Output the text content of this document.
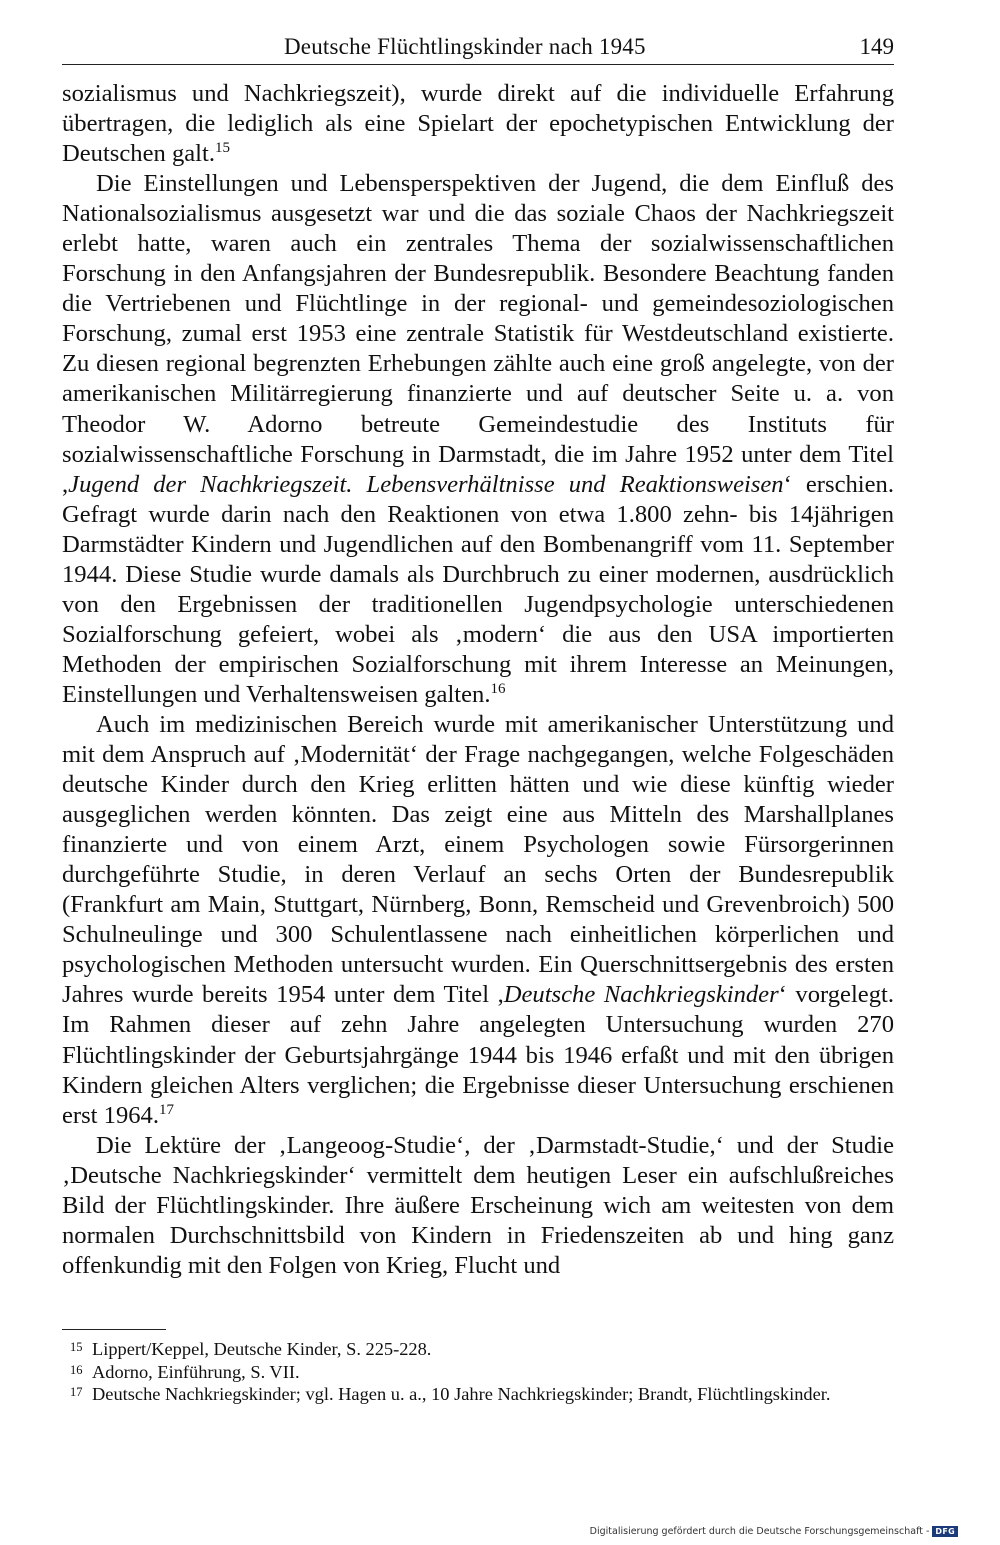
Deutsche Flüchtlingskinder nach 1945	149

sozialismus und Nachkriegszeit), wurde direkt auf die individuelle Erfahrung übertragen, die lediglich als eine Spielart der epochetypischen Entwicklung der Deutschen galt.$^{15}$

Die Einstellungen und Lebensperspektiven der Jugend, die dem Einfluß des Nationalsozialismus ausgesetzt war und die das soziale Chaos der Nachkriegszeit erlebt hatte, waren auch ein zentrales Thema der sozialwissenschaftlichen Forschung in den Anfangsjahren der Bundesrepublik. Besondere Beachtung fanden die Vertriebenen und Flüchtlinge in der regional- und gemeindesoziologischen Forschung, zumal erst 1953 eine zentrale Statistik für Westdeutschland existierte. Zu diesen regional begrenzten Erhebungen zählte auch eine groß angelegte, von der amerikanischen Militärregierung finanzierte und auf deutscher Seite u. a. von Theodor W. Adorno betreute Gemeindestudie des Instituts für sozialwissenschaftliche Forschung in Darmstadt, die im Jahre 1952 unter dem Titel ,Jugend der Nachkriegszeit. Lebensverhältnisse und Reaktionsweisen‘ erschien. Gefragt wurde darin nach den Reaktionen von etwa 1.800 zehn- bis 14jährigen Darmstädter Kindern und Jugendlichen auf den Bombenangriff vom 11. September 1944. Diese Studie wurde damals als Durchbruch zu einer modernen, ausdrücklich von den Ergebnissen der traditionellen Jugendpsychologie unterschiedenen Sozialforschung gefeiert, wobei als ‚modern‘ die aus den USA importierten Methoden der empirischen Sozialforschung mit ihrem Interesse an Meinungen, Einstellungen und Verhaltensweisen galten.$^{16}$

Auch im medizinischen Bereich wurde mit amerikanischer Unterstützung und mit dem Anspruch auf ‚Modernität‘ der Frage nachgegangen, welche Folgeschäden deutsche Kinder durch den Krieg erlitten hätten und wie diese künftig wieder ausgeglichen werden könnten. Das zeigt eine aus Mitteln des Marshallplanes finanzierte und von einem Arzt, einem Psychologen sowie Fürsorgerinnen durchgeführte Studie, in deren Verlauf an sechs Orten der Bundesrepublik (Frankfurt am Main, Stuttgart, Nürnberg, Bonn, Remscheid und Grevenbroich) 500 Schulneulinge und 300 Schulentlassene nach einheitlichen körperlichen und psychologischen Methoden untersucht wurden. Ein Querschnittsergebnis des ersten Jahres wurde bereits 1954 unter dem Titel ,Deutsche Nachkriegskinder‘ vorgelegt. Im Rahmen dieser auf zehn Jahre angelegten Untersuchung wurden 270 Flüchtlingskinder der Geburtsjahrgänge 1944 bis 1946 erfaßt und mit den übrigen Kindern gleichen Alters verglichen; die Ergebnisse dieser Untersuchung erschienen erst 1964.17

Die Lektüre der ‚Langeoog-Studie‘, der ‚Darmstadt-Studie,‘ und der Studie ‚Deutsche Nachkriegskinder‘ vermittelt dem heutigen Leser ein aufschlußreiches Bild der Flüchtlingskinder. Ihre äußere Erscheinung wich am weitesten von dem normalen Durchschnittsbild von Kindern in Friedenszeiten ab und hing ganz offenkundig mit den Folgen von Krieg, Flucht und

15 Lippert/Keppel, Deutsche Kinder, S. 225-228.
16 Adorno, Einführung, S. VII.
17 Deutsche Nachkriegskinder; vgl. Hagen u. a., 10 Jahre Nachkriegskinder; Brandt, Flüchtlingskinder.
Digitalisierung gefördert durch die Deutsche Forschungsgemeinschaft - DFG
